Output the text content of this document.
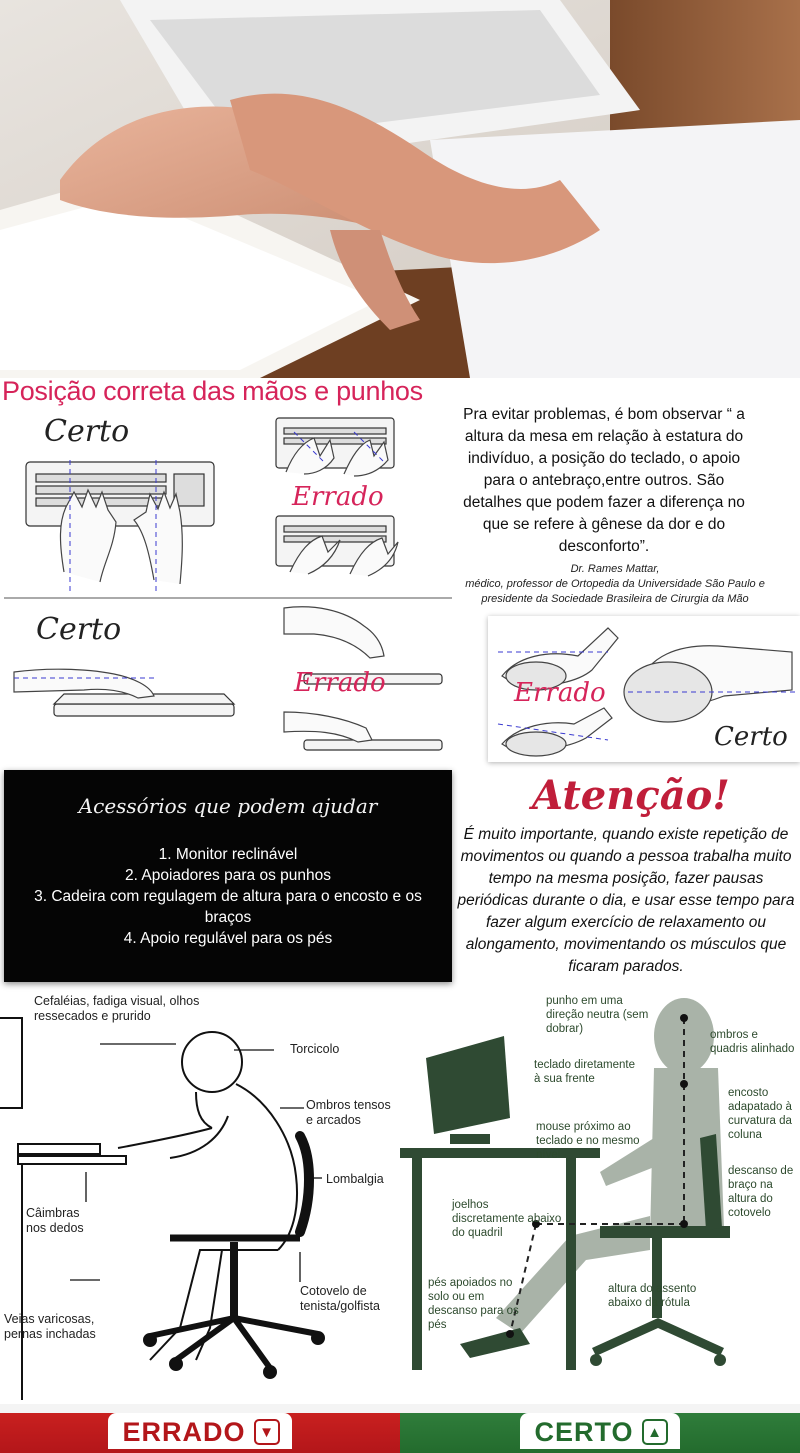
Posição correta das mãos e punhos
Certo
Errado
Certo
Errado
Pra evitar problemas, é bom observar “ a altura da mesa em relação à estatura do indivíduo, a posição do teclado, o apoio para o antebraço,entre outros. São detalhes que podem fazer a diferença no que se refere à gênese da dor e do desconforto”.
Dr. Rames Mattar,
médico, professor de Ortopedia da Universidade São Paulo e
presidente da Sociedade Brasileira de Cirurgia da Mão
Errado
Certo
Acessórios que podem ajudar
1. Monitor reclinável
2. Apoiadores para os punhos
3. Cadeira com regulagem de altura para o encosto e os braços
4. Apoio regulável para os pés
Atenção!
É muito importante, quando existe repetição de movimentos ou quando a pessoa trabalha muito tempo na mesma posição, fazer pausas periódicas durante o dia, e usar esse tempo para fazer algum exercício de relaxamento ou alongamento, movimentando os músculos que ficaram parados.
Cefaléias, fadiga visual, olhos ressecados e prurido
Torcicolo
Ombros tensos e arcados
Lombalgia
Câimbras nos dedos
Cotovelo de tenista/golfista
Veias varicosas, pernas inchadas
punho em uma direção neutra (sem dobrar)	ombros e quadris alinhado
teclado diretamente à sua frente
encosto adapatado à curvatura da coluna
mouse próximo ao teclado e no mesmo nível
descanso de braço na altura do cotovelo
joelhos discretamente abaixo do quadril
pés apoiados no solo ou em descanso para os pés
altura do assento abaixo da rótula
ERRADO ▼	CERTO ▲
